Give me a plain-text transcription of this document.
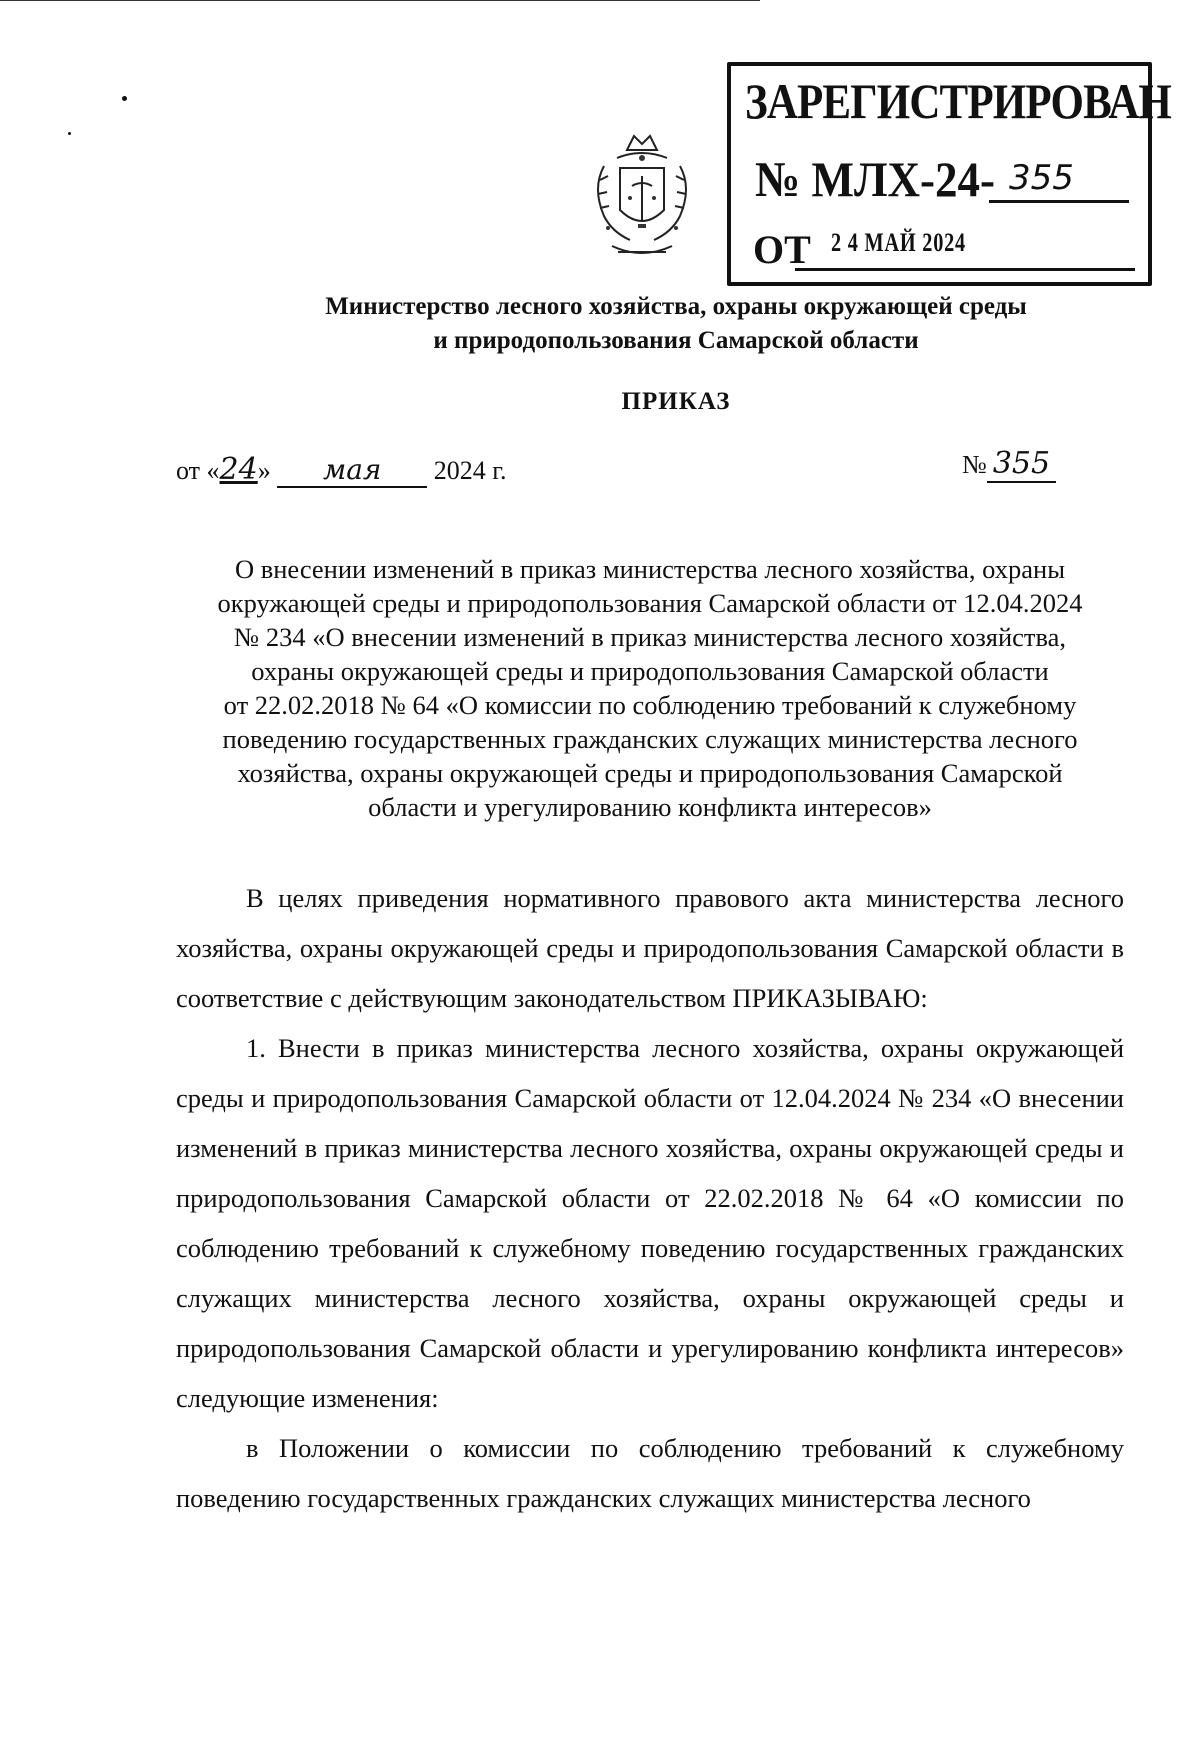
ЗАРЕГИСТРИРОВАН
№ МЛХ-24- 355
ОТ 2 4 МАЙ 2024
Министерство лесного хозяйства, охраны окружающей среды
и природопользования Самарской области
ПРИКАЗ
от «24» мая 2024 г.	№ 355
О внесении изменений в приказ министерства лесного хозяйства, охраны
окружающей среды и природопользования Самарской области от 12.04.2024
№ 234 «О внесении изменений в приказ министерства лесного хозяйства,
охраны окружающей среды и природопользования Самарской области
от 22.02.2018 № 64 «О комиссии по соблюдению требований к служебному
поведению государственных гражданских служащих министерства лесного
хозяйства, охраны окружающей среды и природопользования Самарской
области и урегулированию конфликта интересов»

В целях приведения нормативного правового акта министерства лесного хозяйства, охраны окружающей среды и природопользования Самарской области в соответствие с действующим законодательством ПРИКАЗЫВАЮ:

1. Внести в приказ министерства лесного хозяйства, охраны окружающей среды и природопользования Самарской области от 12.04.2024 № 234 «О внесении изменений в приказ министерства лесного хозяйства, охраны окружающей среды и природопользования Самарской области от 22.02.2018 № 64 «О комиссии по соблюдению требований к служебному поведению государственных гражданских служащих министерства лесного хозяйства, охраны окружающей среды и природопользования Самарской области и урегулированию конфликта интересов» следующие изменения:

в Положении о комиссии по соблюдению требований к служебному поведению государственных гражданских служащих министерства лесного
